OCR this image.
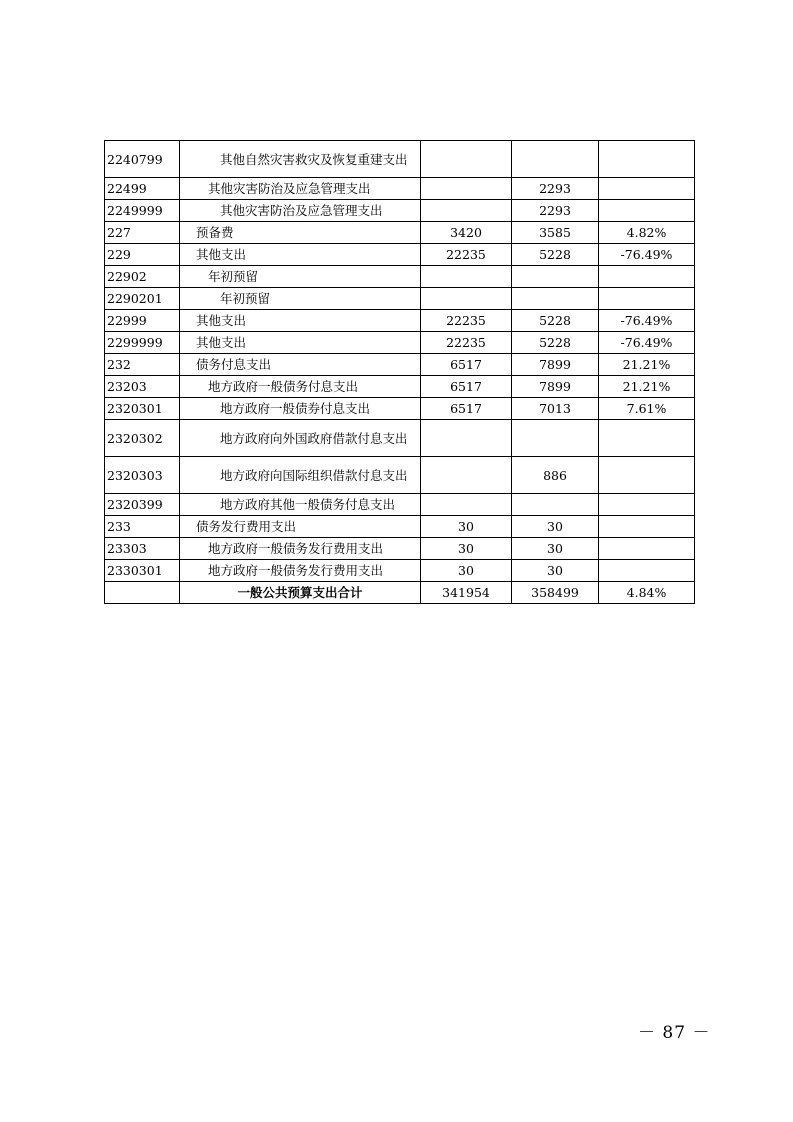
2240799	其他自然灾害救灾及恢复重建支出			

22499	其他灾害防治及应急管理支出		2293	
2249999	其他灾害防治及应急管理支出		2293	
227	预备费	3420	3585	4.82%
229	其他支出	22235	5228	-76.49%
22902	年初预留			

2290201	年初预留			

22999	其他支出	22235	5228	-76.49%
2299999	其他支出	22235	5228	-76.49%
232	债务付息支出	6517	7899	21.21%
23203	地方政府一般债务付息支出	6517	7899	21.21%
2320301	地方政府一般债券付息支出	6517	7013	7.61%
2320302	地方政府向外国政府借款付息支出			

2320303	地方政府向国际组织借款付息支出		886	
2320399	地方政府其他一般债务付息支出			

233	债务发行费用支出	30	30	
23303	地方政府一般债务发行费用支出	30	30	
2330301	地方政府一般债务发行费用支出	30	30	
	一般公共预算支出合计	341954	358499	4.84%
－ 87 －
